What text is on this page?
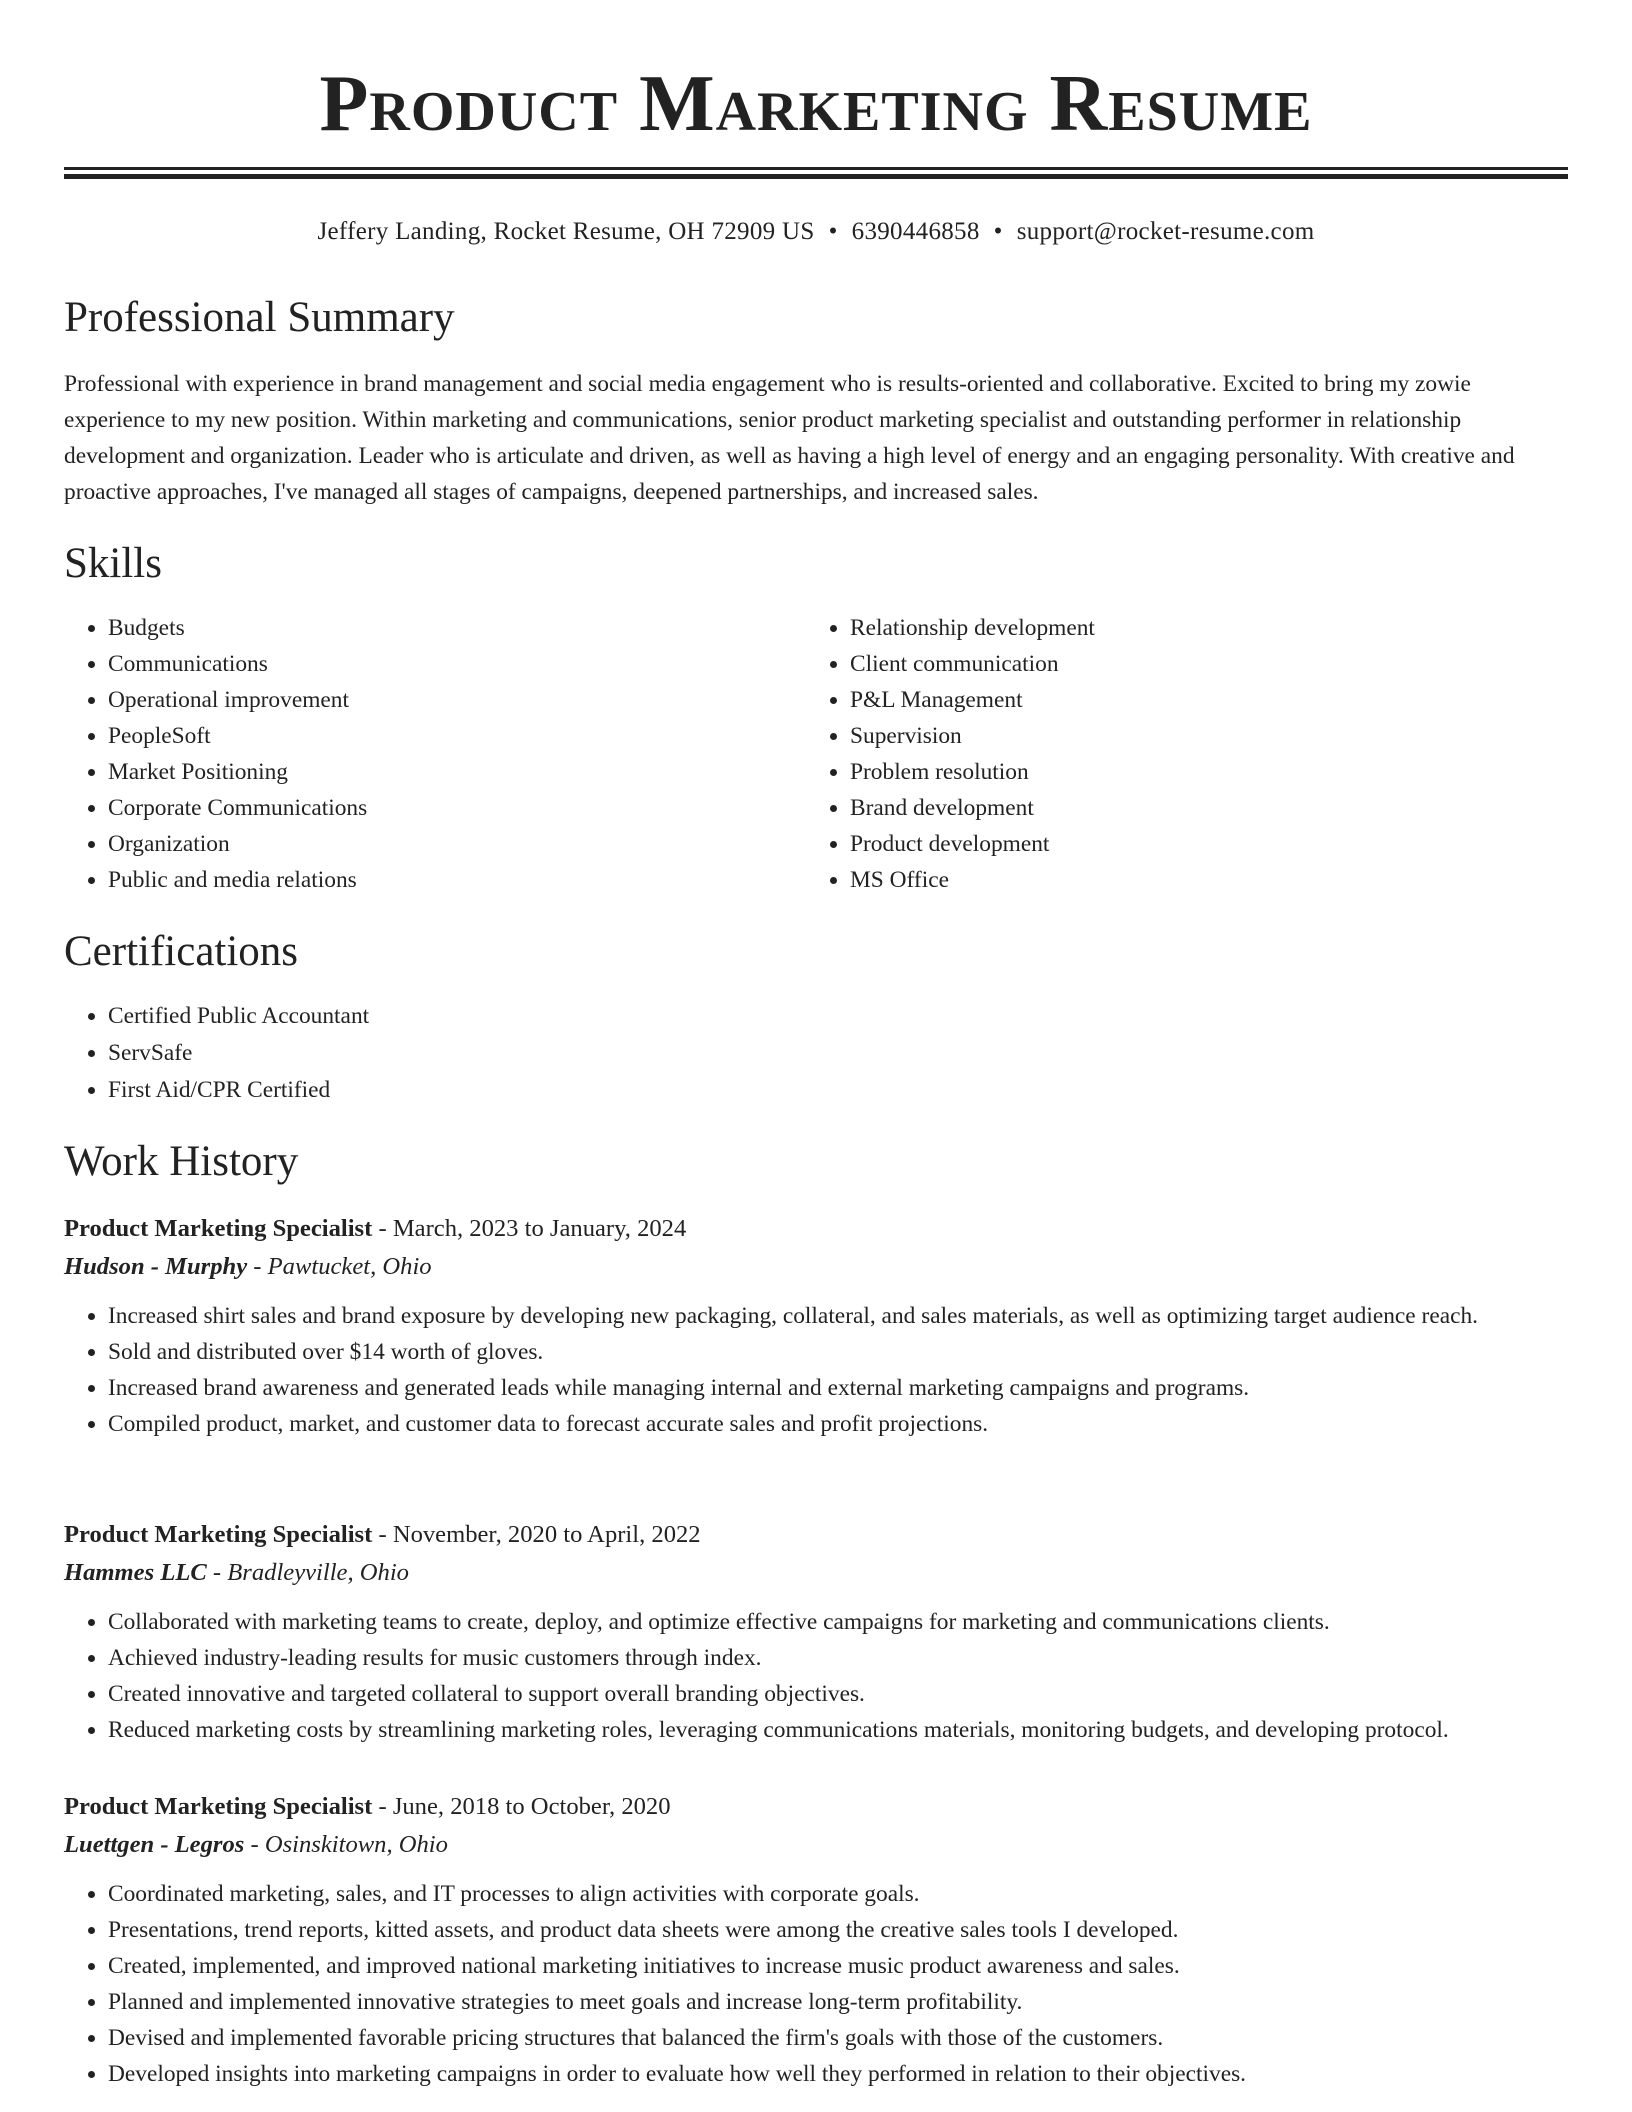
Product Marketing Resume
Jeffery Landing, Rocket Resume, OH 72909 US • 6390446858 • support@rocket-resume.com
Professional Summary

Professional with experience in brand management and social media engagement who is results-oriented and collaborative. Excited to bring my zowie experience to my new position. Within marketing and communications, senior product marketing specialist and outstanding performer in relationship development and organization. Leader who is articulate and driven, as well as having a high level of energy and an engaging personality. With creative and proactive approaches, I've managed all stages of campaigns, deepened partnerships, and increased sales.

Skills
• Budgets
• Communications
• Operational improvement
• PeopleSoft
• Market Positioning
• Corporate Communications
• Organization
• Public and media relations
• Relationship development
• Client communication
• P&L Management
• Supervision
• Problem resolution
• Brand development
• Product development
• MS Office
Certifications
• Certified Public Accountant
• ServSafe
• First Aid/CPR Certified
Work History
Product Marketing Specialist - March, 2023 to January, 2024
Hudson - Murphy - Pawtucket, Ohio
• Increased shirt sales and brand exposure by developing new packaging, collateral, and sales materials, as well as optimizing target audience reach.
• Sold and distributed over $14 worth of gloves.
• Increased brand awareness and generated leads while managing internal and external marketing campaigns and programs.
• Compiled product, market, and customer data to forecast accurate sales and profit projections.
Product Marketing Specialist - November, 2020 to April, 2022
Hammes LLC - Bradleyville, Ohio
• Collaborated with marketing teams to create, deploy, and optimize effective campaigns for marketing and communications clients.
• Achieved industry-leading results for music customers through index.
• Created innovative and targeted collateral to support overall branding objectives.
• Reduced marketing costs by streamlining marketing roles, leveraging communications materials, monitoring budgets, and developing protocol.
Product Marketing Specialist - June, 2018 to October, 2020
Luettgen - Legros - Osinskitown, Ohio
• Coordinated marketing, sales, and IT processes to align activities with corporate goals.
• Presentations, trend reports, kitted assets, and product data sheets were among the creative sales tools I developed.
• Created, implemented, and improved national marketing initiatives to increase music product awareness and sales.
• Planned and implemented innovative strategies to meet goals and increase long-term profitability.
• Devised and implemented favorable pricing structures that balanced the firm's goals with those of the customers.
• Developed insights into marketing campaigns in order to evaluate how well they performed in relation to their objectives.
